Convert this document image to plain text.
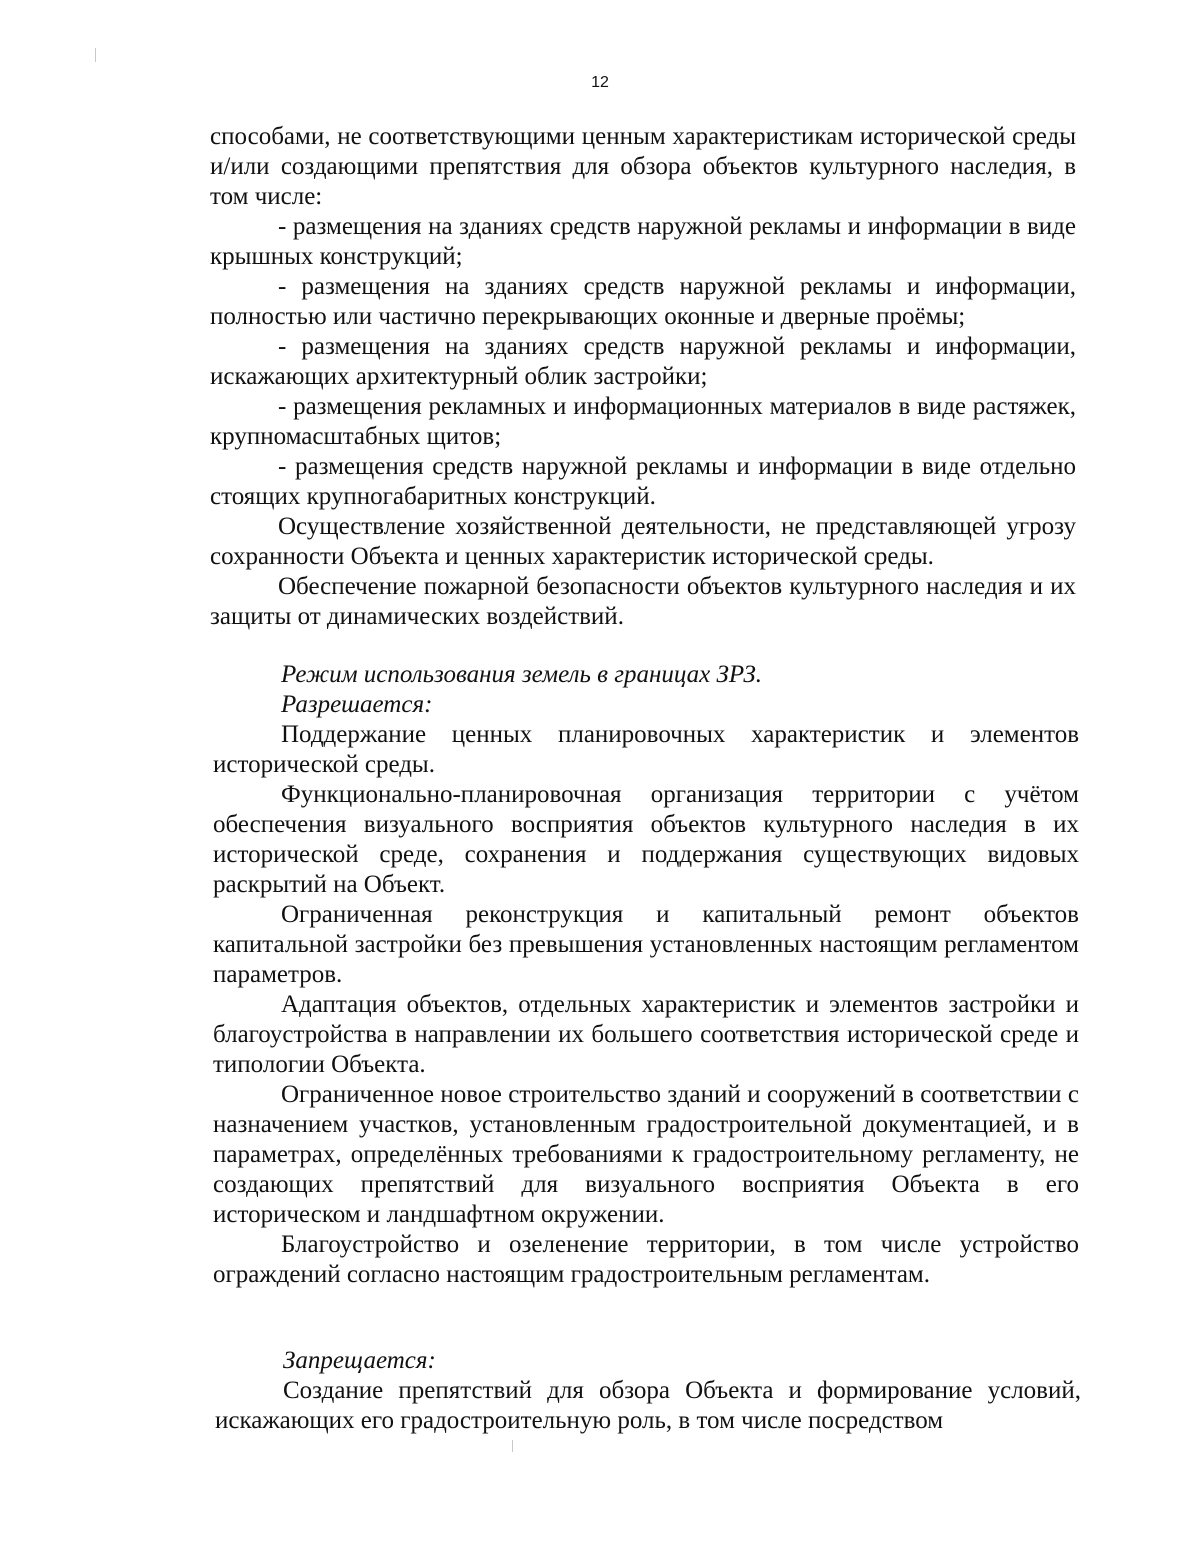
12

способами, не соответствующими ценным характеристикам исторической среды и/или создающими препятствия для обзора объектов культурного наследия, в том числе:

- размещения на зданиях средств наружной рекламы и информации в виде крышных конструкций;

- размещения на зданиях средств наружной рекламы и информации, полностью или частично перекрывающих оконные и дверные проёмы;

- размещения на зданиях средств наружной рекламы и информации, искажающих архитектурный облик застройки;

- размещения рекламных и информационных материалов в виде растяжек, крупномасштабных щитов;

- размещения средств наружной рекламы и информации в виде отдельно стоящих крупногабаритных конструкций.

Осуществление хозяйственной деятельности, не представляющей угрозу сохранности Объекта и ценных характеристик исторической среды.

Обеспечение пожарной безопасности объектов культурного наследия и их защиты от динамических воздействий.

Режим использования земель в границах ЗРЗ.

Разрешается:

Поддержание ценных планировочных характеристик и элементов исторической среды.

Функционально-планировочная организация территории с учётом обеспечения визуального восприятия объектов культурного наследия в их исторической среде, сохранения и поддержания существующих видовых раскрытий на Объект.

Ограниченная реконструкция и капитальный ремонт объектов капитальной застройки без превышения установленных настоящим регламентом параметров.

Адаптация объектов, отдельных характеристик и элементов застройки и благоустройства в направлении их большего соответствия исторической среде и типологии Объекта.

Ограниченное новое строительство зданий и сооружений в соответствии с назначением участков, установленным градостроительной документацией, и в параметрах, определённых требованиями к градостроительному регламенту, не создающих препятствий для визуального восприятия Объекта в его историческом и ландшафтном окружении.

Благоустройство и озеленение территории, в том числе устройство ограждений согласно настоящим градостроительным регламентам.

Запрещается:

Создание препятствий для обзора Объекта и формирование условий, искажающих его градостроительную роль, в том числе посредством
